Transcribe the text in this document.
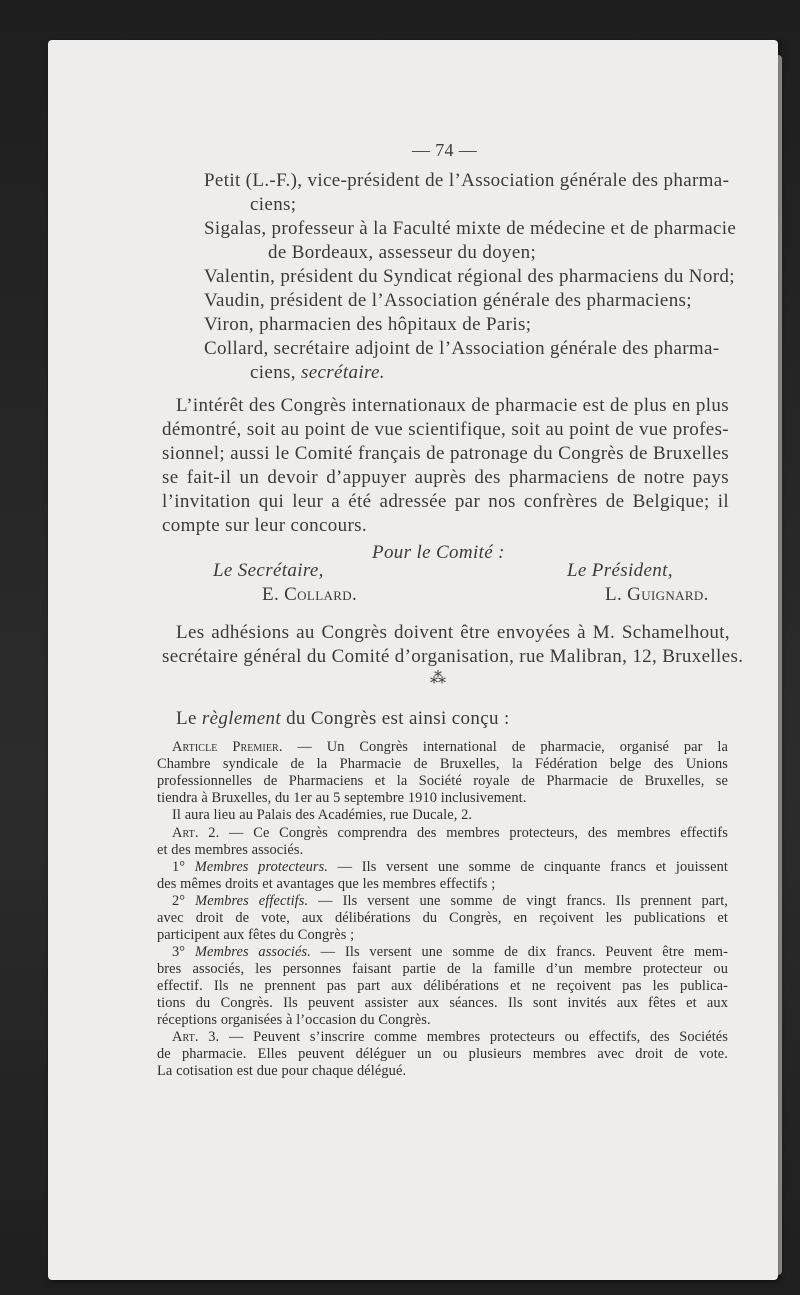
— 74 —
Petit (L.-F.), vice-président de l’Association générale des pharma-
ciens;
Sigalas, professeur à la Faculté mixte de médecine et de pharmacie
de Bordeaux, assesseur du doyen;
Valentin, président du Syndicat régional des pharmaciens du Nord;
Vaudin, président de l’Association générale des pharmaciens;
Viron, pharmacien des hôpitaux de Paris;
Collard, secrétaire adjoint de l’Association générale des pharma-
ciens, secrétaire.
L’intérêt des Congrès internationaux de pharmacie est de plus en plus
démontré, soit au point de vue scientifique, soit au point de vue profes-
sionnel; aussi le Comité français de patronage du Congrès de Bruxelles
se fait-il un devoir d’appuyer auprès des pharmaciens de notre pays
l’invitation qui leur a été adressée par nos confrères de Belgique; il
compte sur leur concours.
Pour le Comité :
Le Secrétaire,	Le Président,
E. Collard.	L. Guignard.
Les adhésions au Congrès doivent être envoyées à M. Schamelhout,
secrétaire général du Comité d’organisation, rue Malibran, 12, Bruxelles.
⁂
Le règlement du Congrès est ainsi conçu :
Article Premier. — Un Congrès international de pharmacie, organisé par la
Chambre syndicale de la Pharmacie de Bruxelles, la Fédération belge des Unions
professionnelles de Pharmaciens et la Société royale de Pharmacie de Bruxelles, se
tiendra à Bruxelles, du 1er au 5 septembre 1910 inclusivement.
Il aura lieu au Palais des Académies, rue Ducale, 2.
Art. 2. — Ce Congrès comprendra des membres protecteurs, des membres effectifs
et des membres associés.
1° Membres protecteurs. — Ils versent une somme de cinquante francs et jouissent
des mêmes droits et avantages que les membres effectifs ;
2° Membres effectifs. — Ils versent une somme de vingt francs. Ils prennent part,
avec droit de vote, aux délibérations du Congrès, en reçoivent les publications et
participent aux fêtes du Congrès ;
3° Membres associés. — Ils versent une somme de dix francs. Peuvent être mem-
bres associés, les personnes faisant partie de la famille d’un membre protecteur ou
effectif. Ils ne prennent pas part aux délibérations et ne reçoivent pas les publica-
tions du Congrès. Ils peuvent assister aux séances. Ils sont invités aux fêtes et aux
réceptions organisées à l’occasion du Congrès.
Art. 3. — Peuvent s’inscrire comme membres protecteurs ou effectifs, des Sociétés
de pharmacie. Elles peuvent déléguer un ou plusieurs membres avec droit de vote.
La cotisation est due pour chaque délégué.
